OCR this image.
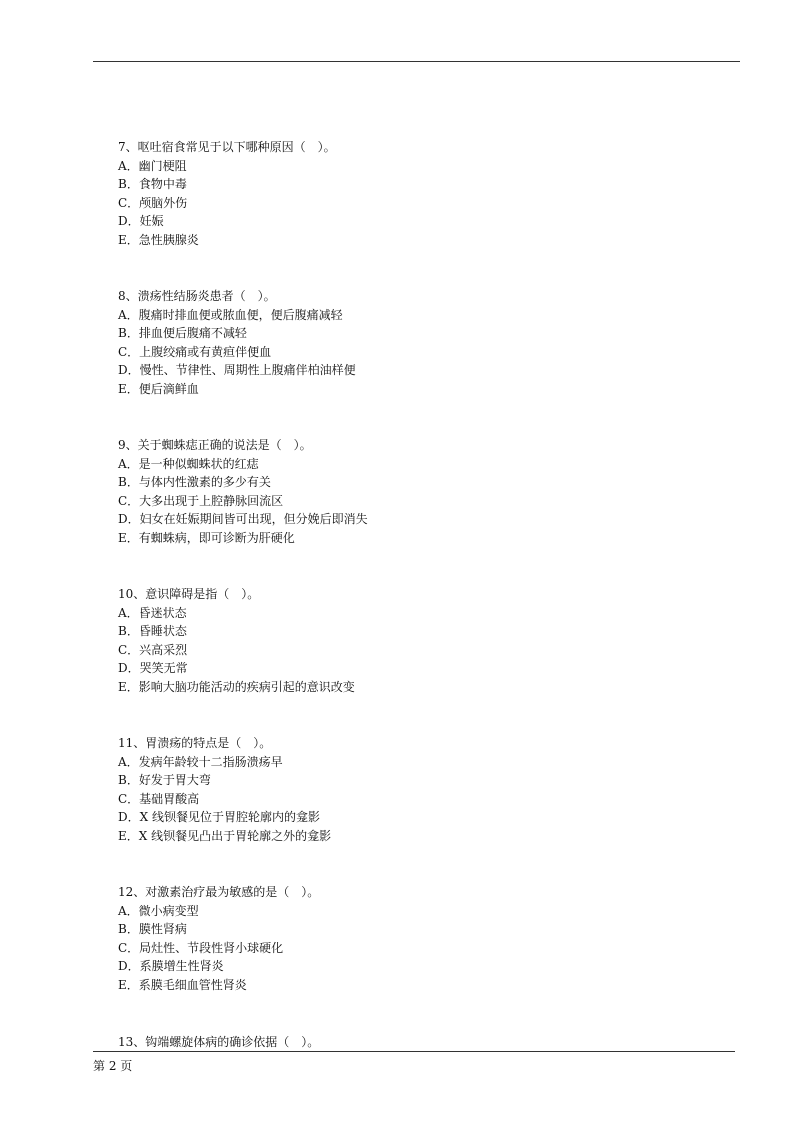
7、呕吐宿食常见于以下哪种原因（　）。
A．幽门梗阻
B．食物中毒
C．颅脑外伤
D．妊娠
E．急性胰腺炎
8、溃疡性结肠炎患者（　）。
A．腹痛时排血便或脓血便，便后腹痛减轻
B．排血便后腹痛不减轻
C．上腹绞痛或有黄疸伴便血
D．慢性、节律性、周期性上腹痛伴柏油样便
E．便后滴鲜血
9、关于蜘蛛痣正确的说法是（　）。
A．是一种似蜘蛛状的红痣
B．与体内性激素的多少有关
C．大多出现于上腔静脉回流区
D．妇女在妊娠期间皆可出现，但分娩后即消失
E．有蜘蛛病，即可诊断为肝硬化
10、意识障碍是指（　）。
A．昏迷状态
B．昏睡状态
C．兴高采烈
D．哭笑无常
E．影响大脑功能活动的疾病引起的意识改变
11、胃溃疡的特点是（　）。
A．发病年龄较十二指肠溃疡早
B．好发于胃大弯
C．基础胃酸高
D．X 线钡餐见位于胃腔轮廓内的龛影
E．X 线钡餐见凸出于胃轮廓之外的龛影
12、对激素治疗最为敏感的是（　）。
A．微小病变型
B．膜性肾病
C．局灶性、节段性肾小球硬化
D．系膜增生性肾炎
E．系膜毛细血管性肾炎
13、钩端螺旋体病的确诊依据（　）。
第 2 页
